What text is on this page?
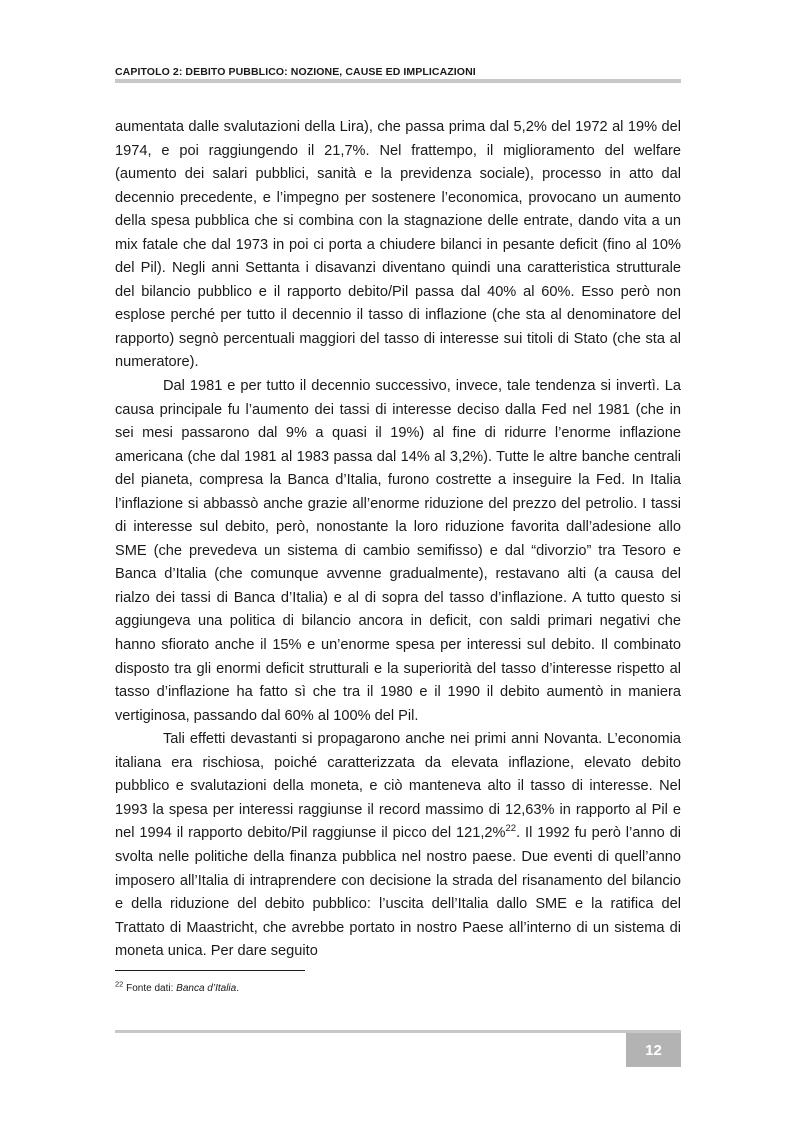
CAPITOLO 2: DEBITO PUBBLICO: NOZIONE, CAUSE ED IMPLICAZIONI

aumentata dalle svalutazioni della Lira), che passa prima dal 5,2% del 1972 al 19% del 1974, e poi raggiungendo il 21,7%. Nel frattempo, il miglioramento del welfare (aumento dei salari pubblici, sanità e la previdenza sociale), processo in atto dal decennio precedente, e l’impegno per sostenere l’economica, provocano un aumento della spesa pubblica che si combina con la stagnazione delle entrate, dando vita a un mix fatale che dal 1973 in poi ci porta a chiudere bilanci in pesante deficit (fino al 10% del Pil). Negli anni Settanta i disavanzi diventano quindi una caratteristica strutturale del bilancio pubblico e il rapporto debito/Pil passa dal 40% al 60%. Esso però non esplose perché per tutto il decennio il tasso di inflazione (che sta al denominatore del rapporto) segnò percentuali maggiori del tasso di interesse sui titoli di Stato (che sta al numeratore).

Dal 1981 e per tutto il decennio successivo, invece, tale tendenza si invertì. La causa principale fu l’aumento dei tassi di interesse deciso dalla Fed nel 1981 (che in sei mesi passarono dal 9% a quasi il 19%) al fine di ridurre l’enorme inflazione americana (che dal 1981 al 1983 passa dal 14% al 3,2%). Tutte le altre banche centrali del pianeta, compresa la Banca d’Italia, furono costrette a inseguire la Fed. In Italia l’inflazione si abbassò anche grazie all’enorme riduzione del prezzo del petrolio. I tassi di interesse sul debito, però, nonostante la loro riduzione favorita dall’adesione allo SME (che prevedeva un sistema di cambio semifisso) e dal “divorzio” tra Tesoro e Banca d’Italia (che comunque avvenne gradualmente), restavano alti (a causa del rialzo dei tassi di Banca d’Italia) e al di sopra del tasso d’inflazione. A tutto questo si aggiungeva una politica di bilancio ancora in deficit, con saldi primari negativi che hanno sfiorato anche il 15% e un’enorme spesa per interessi sul debito. Il combinato disposto tra gli enormi deficit strutturali e la superiorità del tasso d’interesse rispetto al tasso d’inflazione ha fatto sì che tra il 1980 e il 1990 il debito aumentò in maniera vertiginosa, passando dal 60% al 100% del Pil.

Tali effetti devastanti si propagarono anche nei primi anni Novanta. L’economia italiana era rischiosa, poiché caratterizzata da elevata inflazione, elevato debito pubblico e svalutazioni della moneta, e ciò manteneva alto il tasso di interesse. Nel 1993 la spesa per interessi raggiunse il record massimo di 12,63% in rapporto al Pil e nel 1994 il rapporto debito/Pil raggiunse il picco del 121,2%$^{22}$. Il 1992 fu però l’anno di svolta nelle politiche della finanza pubblica nel nostro paese. Due eventi di quell’anno imposero all’Italia di intraprendere con decisione la strada del risanamento del bilancio e della riduzione del debito pubblico: l’uscita dell’Italia dallo SME e la ratifica del Trattato di Maastricht, che avrebbe portato in nostro Paese all’interno di un sistema di moneta unica. Per dare seguito

$^{22}$ Fonte dati: Banca d’Italia.
12
